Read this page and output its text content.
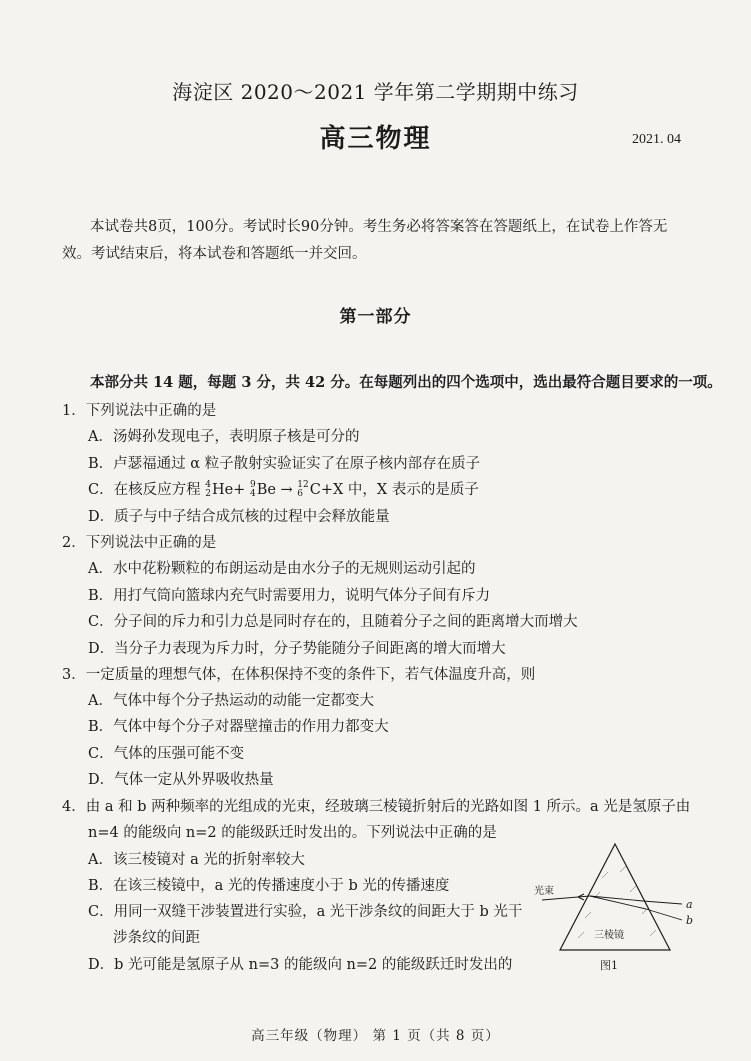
海淀区 2020～2021 学年第二学期期中练习
高三物理	2021. 04
本试卷共8页，100分。考试时长90分钟。考生务必将答案答在答题纸上，在试卷上作答无效。考试结束后，将本试卷和答题纸一并交回。
第一部分
本部分共 14 题，每题 3 分，共 42 分。在每题列出的四个选项中，选出最符合题目要求的一项。
1．下列说法中正确的是
A．汤姆孙发现电子，表明原子核是可分的
B．卢瑟福通过 α 粒子散射实验证实了在原子核内部存在质子
C．在核反应方程 4
2 He+ 9
4 Be → 12
6 C+X 中，X 表示的是质子
D．质子与中子结合成氘核的过程中会释放能量
2．下列说法中正确的是
A．水中花粉颗粒的布朗运动是由水分子的无规则运动引起的
B．用打气筒向篮球内充气时需要用力，说明气体分子间有斥力
C．分子间的斥力和引力总是同时存在的，且随着分子之间的距离增大而增大
D．当分子力表现为斥力时，分子势能随分子间距离的增大而增大
3．一定质量的理想气体，在体积保持不变的条件下，若气体温度升高，则
A．气体中每个分子热运动的动能一定都变大
B．气体中每个分子对器壁撞击的作用力都变大
C．气体的压强可能不变
D．气体一定从外界吸收热量
4．由 a 和 b 两种频率的光组成的光束，经玻璃三棱镜折射后的光路如图 1 所示。a 光是氢原子由
n=4 的能级向 n=2 的能级跃迁时发出的。下列说法中正确的是
A．该三棱镜对 a 光的折射率较大
B．在该三棱镜中，a 光的传播速度小于 b 光的传播速度
C．用同一双缝干涉装置进行实验，a 光干涉条纹的间距大于 b 光干
涉条纹的间距
D．b 光可能是氢原子从 n=3 的能级向 n=2 的能级跃迁时发出的
光束
三棱镜
a
b
图1
高三年级（物理） 第 1 页（共 8 页）
